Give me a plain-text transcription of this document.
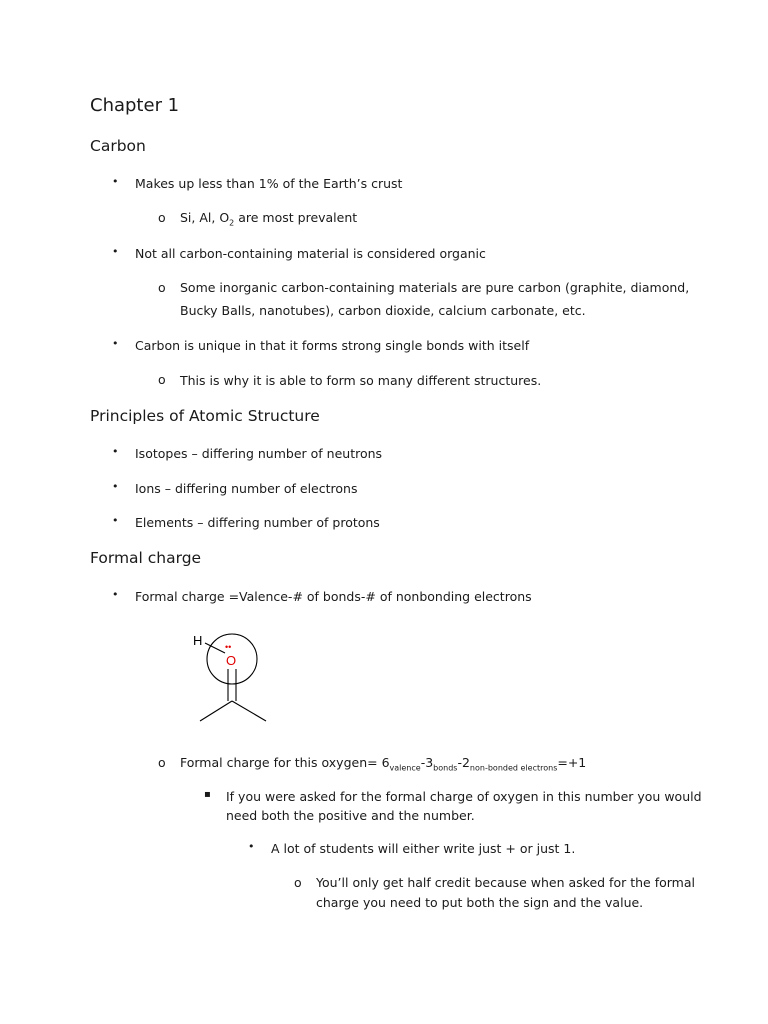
Chapter 1
Carbon
• Makes up less than 1% of the Earth’s crust
o Si, Al, $O_2$ are most prevalent
• Not all carbon-containing material is considered organic
o Some inorganic carbon-containing materials are pure carbon (graphite, diamond,
Bucky Balls, nanotubes), carbon dioxide, calcium carbonate, etc.
• Carbon is unique in that it forms strong single bonds with itself
o This is why it is able to form so many different structures.
Principles of Atomic Structure
• Isotopes – differing number of neutrons
• Ions – differing number of electrons
• Elements – differing number of protons
Formal charge
• Formal charge =Valence-# of bonds-# of nonbonding electrons
H
O
••
o Formal charge for this oxygen= $6_{valence}-3_{bonds}-2_{non-bonded electrons}=+1$
▪ If you were asked for the formal charge of oxygen in this number you would
need both the positive and the number.
• A lot of students will either write just + or just 1.
o You’ll only get half credit because when asked for the formal
charge you need to put both the sign and the value.
